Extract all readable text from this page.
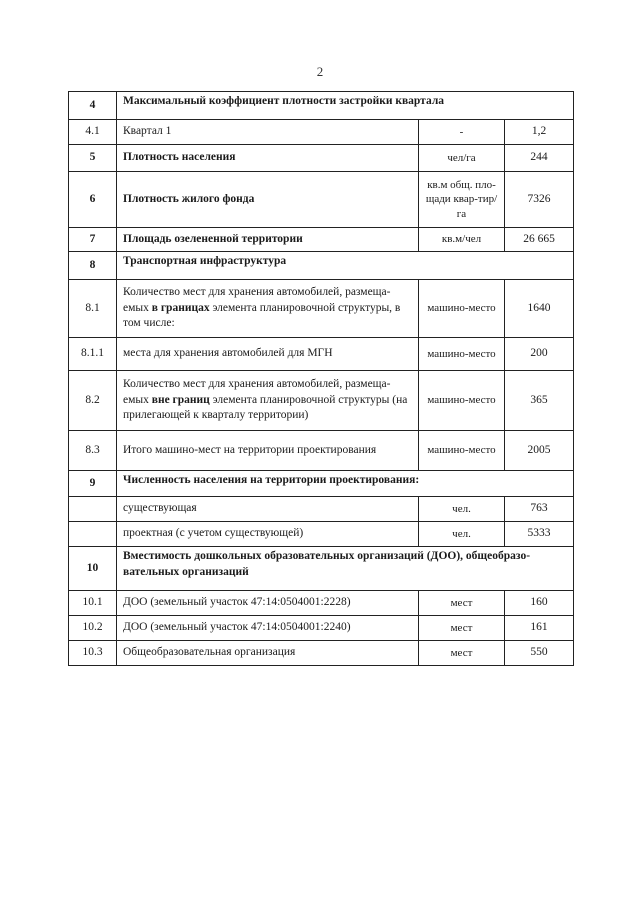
2
4	Максимальный коэффициент плотности застройки квартала		
4.1	Квартал 1	-	1,2
5	Плотность населения	чел/га	244
6	Плотность жилого фонда	кв.м общ. пло-щади квар-тир/га	7326
7	Площадь озелененной территории	кв.м/чел	26 665
8	Транспортная инфраструктура		
8.1	Количество мест для хранения автомобилей, размеща-емых в границах элемента планировочной структуры, в том числе:	машино-место	1640
8.1.1	места для хранения автомобилей для МГН	машино-место	200
8.2	Количество мест для хранения автомобилей, размеща-емых вне границ элемента планировочной структуры (на прилегающей к кварталу территории)	машино-место	365
8.3	Итого машино-мест на территории проектирования	машино-место	2005
9	Численность населения на территории проектирования:		
	существующая	чел.	763
	проектная (с учетом существующей)	чел.	5333
10	Вместимость дошкольных образовательных организаций (ДОО), общеобразо-вательных организаций		
10.1	ДОО (земельный участок 47:14:0504001:2228)	мест	160
10.2	ДОО (земельный участок 47:14:0504001:2240)	мест	161
10.3	Общеобразовательная организация	мест	550
